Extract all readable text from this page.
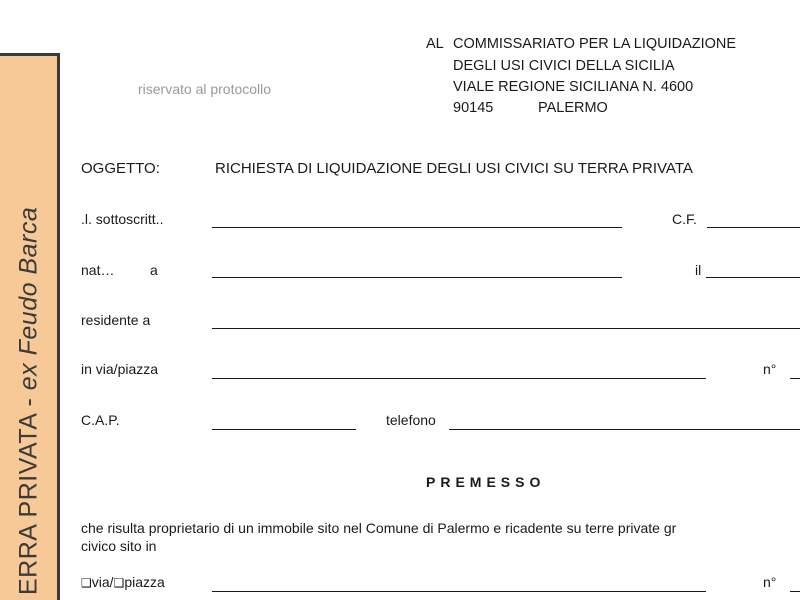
ERRA PRIVATA - ex Feudo Barca
riservato al protocollo
AL COMMISSARIATO PER LA LIQUIDAZIONE
DEGLI USI CIVICI DELLA SICILIA
VIALE REGIONE SICILIANA N. 4600
90145	PALERMO
OGGETTO:	RICHIESTA DI LIQUIDAZIONE DEGLI USI CIVICI SU TERRA PRIVATA
.l. sottoscritt..	C.F.
nat…	a	il
residente a
in via/piazza	n°
C.A.P.	telefono
PREMESSO
che risulta proprietario di un immobile sito nel Comune di Palermo e ricadente su terre private gr
civico sito in
❑via/❑piazza	n°
